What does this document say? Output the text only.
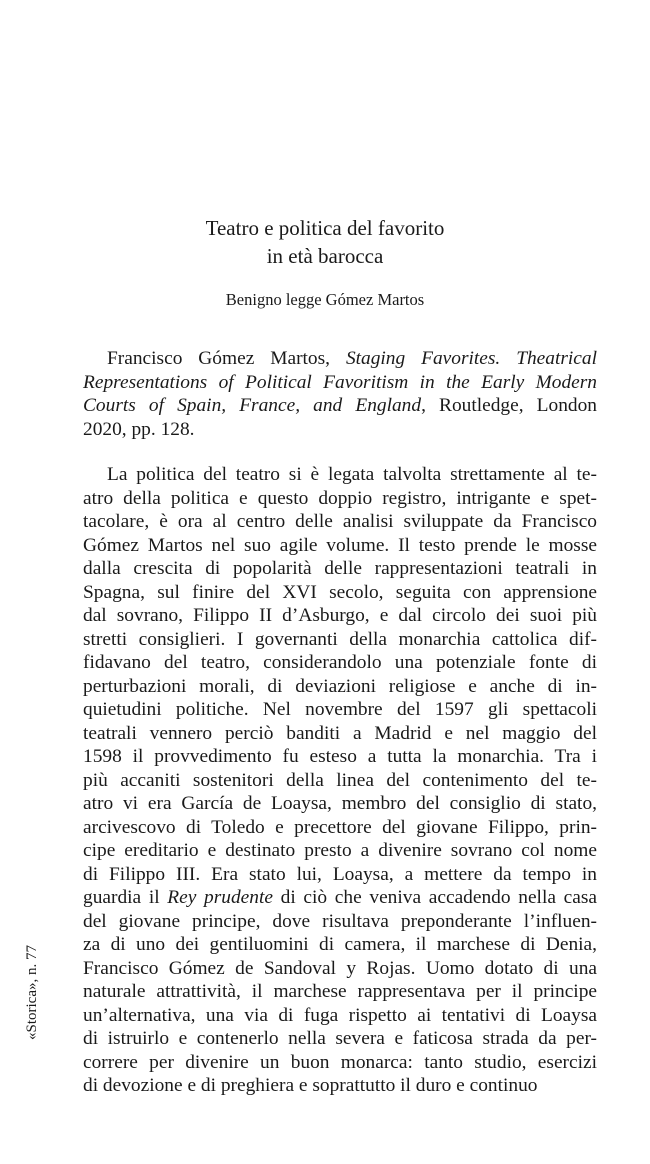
Teatro e politica del favorito
in età barocca
Benigno legge Gómez Martos
Francisco Gómez Martos, Staging Favorites. Theatrical
Representations of Political Favoritism in the Early Modern
Courts of Spain, France, and England, Routledge, London
2020, pp. 128.
La politica del teatro si è legata talvolta strettamente al te-
atro della politica e questo doppio registro, intrigante e spet-
tacolare, è ora al centro delle analisi sviluppate da Francisco
Gómez Martos nel suo agile volume. Il testo prende le mosse
dalla crescita di popolarità delle rappresentazioni teatrali in
Spagna, sul finire del XVI secolo, seguita con apprensione
dal sovrano, Filippo II d’Asburgo, e dal circolo dei suoi più
stretti consiglieri. I governanti della monarchia cattolica dif-
fidavano del teatro, considerandolo una potenziale fonte di
perturbazioni morali, di deviazioni religiose e anche di in-
quietudini politiche. Nel novembre del 1597 gli spettacoli
teatrali vennero perciò banditi a Madrid e nel maggio del
1598 il provvedimento fu esteso a tutta la monarchia. Tra i
più accaniti sostenitori della linea del contenimento del te-
atro vi era García de Loaysa, membro del consiglio di stato,
arcivescovo di Toledo e precettore del giovane Filippo, prin-
cipe ereditario e destinato presto a divenire sovrano col nome
di Filippo III. Era stato lui, Loaysa, a mettere da tempo in
guardia il Rey prudente di ciò che veniva accadendo nella casa
del giovane principe, dove risultava preponderante l’influen-
za di uno dei gentiluomini di camera, il marchese di Denia,
Francisco Gómez de Sandoval y Rojas. Uomo dotato di una
naturale attrattività, il marchese rappresentava per il principe
un’alternativa, una via di fuga rispetto ai tentativi di Loaysa
di istruirlo e contenerlo nella severa e faticosa strada da per-
correre per divenire un buon monarca: tanto studio, esercizi
di devozione e di preghiera e soprattutto il duro e continuo
«Storica», n. 77
